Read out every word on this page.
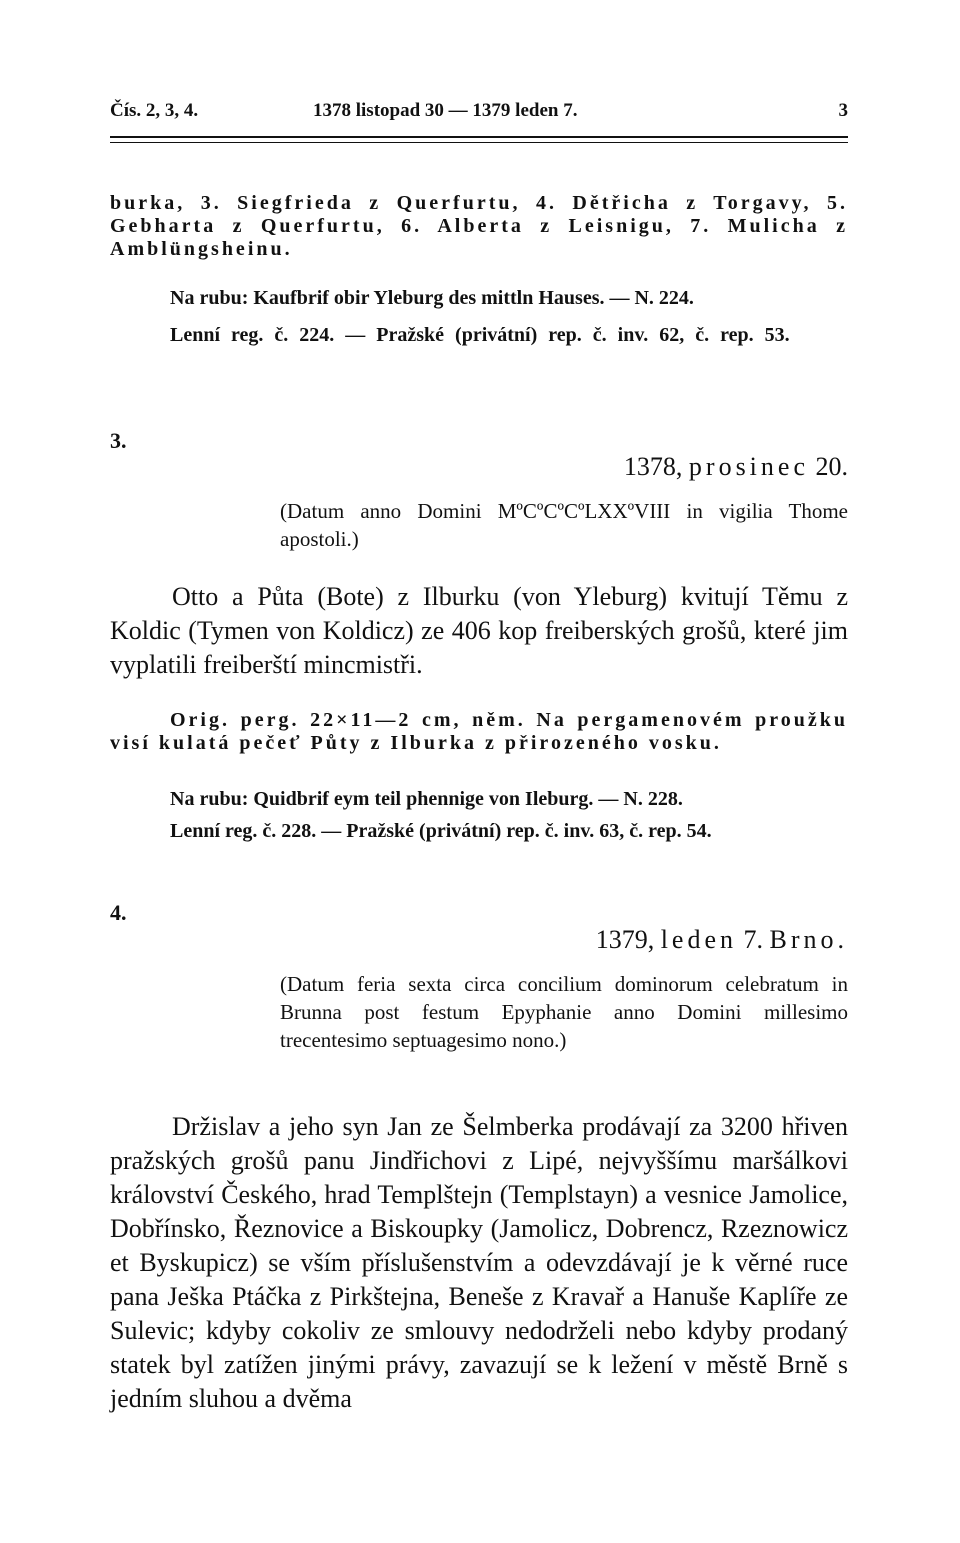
Čís. 2, 3, 4.	1378 listopad 30 — 1379 leden 7.	3

burka, 3. Siegfrieda z Querfurtu, 4. Dětřicha z Torgavy, 5. Gebharta z Querfurtu, 6. Alberta z Leisnigu, 7. Mulicha z Amblüngsheinu.

Na rubu: Kaufbrif obir Yleburg des mittln Hauses. — N. 224.

Lenní reg. č. 224. — Pražské (privátní) rep. č. inv. 62, č. rep. 53.

3.
1378, prosinec 20.

(Datum anno Domini MºCºCºCºLXXºVIII in vigilia Thome apostoli.)

Otto a Půta (Bote) z Ilburku (von Yleburg) kvitují Těmu z Koldic (Tymen von Koldicz) ze 406 kop freiberských grošů, které jim vyplatili freiberští mincmistři.

Orig. perg. 22×11—2 cm, něm. Na pergamenovém proužku visí kulatá pečeť Půty z Ilburka z přirozeného vosku.

Na rubu: Quidbrif eym teil phennige von Ileburg. — N. 228.

Lenní reg. č. 228. — Pražské (privátní) rep. č. inv. 63, č. rep. 54.

4.
1379, leden 7. Brno.

(Datum feria sexta circa concilium dominorum celebratum in Brunna post festum Epyphanie anno Domini millesimo trecentesimo septuagesimo nono.)

Držislav a jeho syn Jan ze Šelmberka prodávají za 3200 hřiven pražských grošů panu Jindřichovi z Lipé, nejvyššímu maršálkovi království Českého, hrad Templštejn (Templstayn) a vesnice Jamolice, Dobřínsko, Řeznovice a Biskoupky (Jamolicz, Dobrencz, Rzeznowicz et Byskupicz) se vším příslušenstvím a odevzdávají je k věrné ruce pana Ješka Ptáčka z Pirkštejna, Beneše z Kravař a Hanuše Kaplíře ze Sulevic; kdyby cokoliv ze smlouvy nedodrželi nebo kdyby prodaný statek byl zatížen jinými právy, zavazují se k ležení v městě Brně s jedním sluhou a dvěma
